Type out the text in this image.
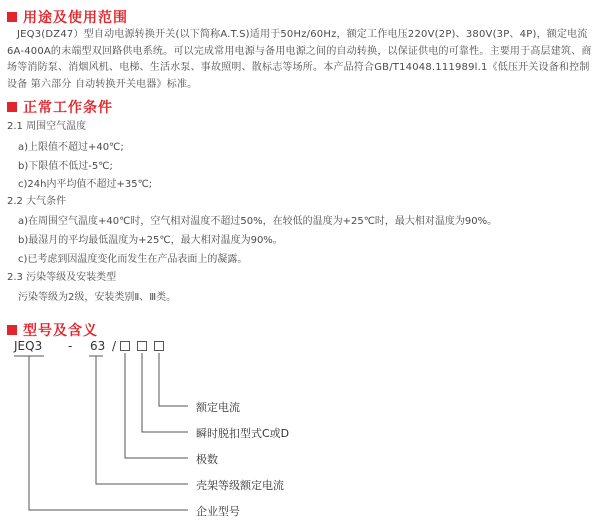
用途及使用范围
JEQ3(DZ47）型自动电源转换开关(以下简称A.T.S)适用于50Hz/60Hz，额定工作电压220V(2P)、380V(3P、4P)，额定电流6A-400A的末端型双回路供电系统。可以完成常用电源与备用电源之间的自动转换，以保证供电的可靠性。主要用于高层建筑、商场等消防泵、消烟风机、电梯、生活水泵、事故照明、散标志等场所。本产品符合GB/T14048.111989l.1《低压开关设备和控制设备 第六部分 自动转换开关电器》标准。
正常工作条件
2.1 周围空气温度
a)上限值不超过+40℃;
b)下限值不低过-5℃;
c)24h内平均值不超过+35℃;
2.2 大气条件
a)在周围空气温度+40℃时，空气相对温度不超过50%，在较低的温度为+25℃时，最大相对温度为90%。
b)最湿月的平均最低温度为+25℃，最大相对温度为90%。
c)已考虑到因温度变化而发生在产品表面上的凝露。
2.3 污染等级及安装类型
污染等级为2级，安装类别Ⅱ、Ⅲ类。
型号及含义
JEQ3 - 63 /
额定电流
瞬时脱扣型式C或D
极数
壳架等级额定电流
企业型号
